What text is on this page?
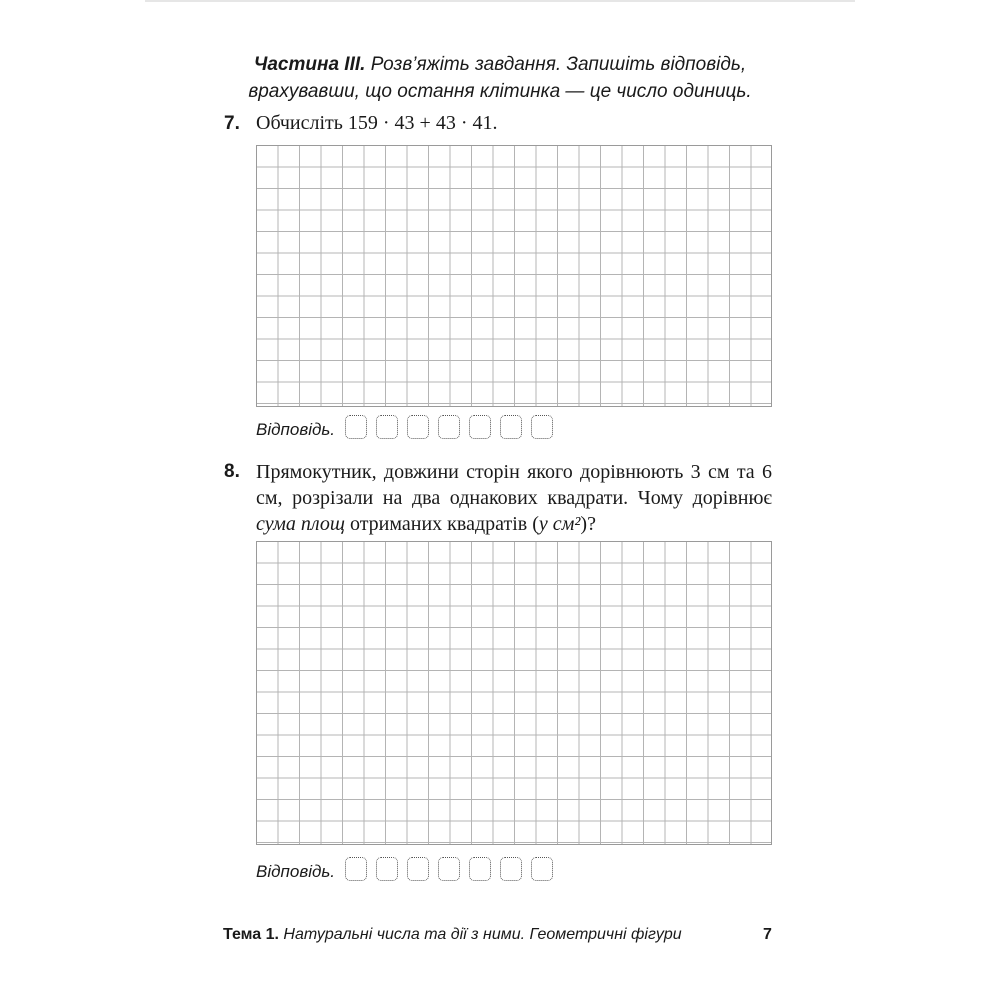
Частина III. Розв’яжіть завдання. Запишіть відповідь,
врахувавши, що остання клітинка — це число одиниць.
7. Обчисліть 159 · 43 + 43 · 41.
Відповідь.
8. Прямокутник, довжини сторін якого дорівнюють 3 см та 6 см, розрізали на два однакових квадрати. Чому дорівнює сума площ отриманих квадратів (у см²)?
Відповідь.
Тема 1. Натуральні числа та дії з ними. Геометричні фігури	7
